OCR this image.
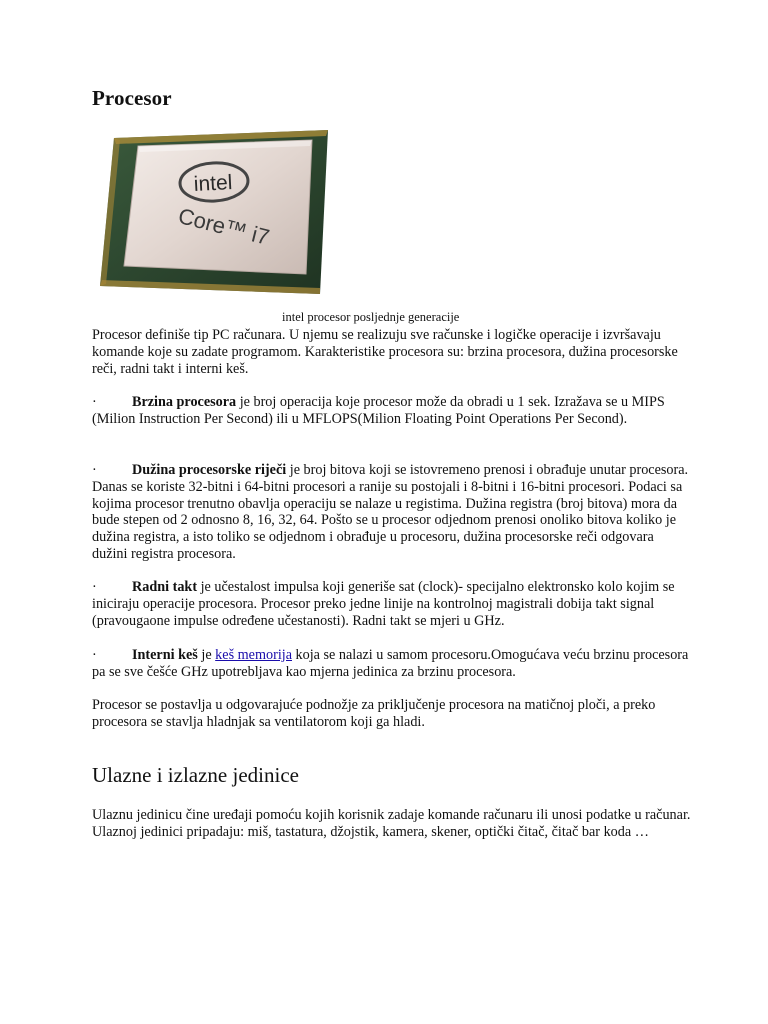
Procesor
intel
Core™ i7

intel procesor posljednje generacije

Procesor definiše tip PC računara. U njemu se realizuju sve računske i logičke operacije i izvršavaju komande koje su zadate programom. Karakteristike procesora su: brzina procesora, dužina procesorske reči, radni takt i interni keš.

· Brzina procesora je broj operacija koje procesor može da obradi u 1 sek. Izražava se u MIPS (Milion Instruction Per Second) ili u MFLOPS(Milion Floating Point Operations Per Second).

· Dužina procesorske riječi je broj bitova koji se istovremeno prenosi i obrađuje unutar procesora. Danas se koriste 32-bitni i 64-bitni procesori a ranije su postojali i 8-bitni i 16-bitni procesori. Podaci sa kojima procesor trenutno obavlja operaciju se nalaze u registima. Dužina registra (broj bitova) mora da bude stepen od 2 odnosno 8, 16, 32, 64. Pošto se u procesor odjednom prenosi onoliko bitova koliko je dužina registra, a isto toliko se odjednom i obrađuje u procesoru, dužina procesorske reči odgovara dužini registra procesora.

· Radni takt je učestalost impulsa koji generiše sat (clock)- specijalno elektronsko kolo kojim se iniciraju operacije procesora. Procesor preko jedne linije na kontrolnoj magistrali dobija takt signal (pravougaone impulse određene učestanosti). Radni takt se mjeri u GHz.

· Interni keš je keš memorija koja se nalazi u samom procesoru.Omogućava veću brzinu procesora pa se sve češće GHz upotrebljava kao mjerna jedinica za brzinu procesora.

Procesor se postavlja u odgovarajuće podnožje za priključenje procesora na matičnoj ploči, a preko procesora se stavlja hladnjak sa ventilatorom koji ga hladi.

Ulazne i izlazne jedinice

Ulaznu jedinicu čine uređaji pomoću kojih korisnik zadaje komande računaru ili unosi podatke u računar. Ulaznoj jedinici pripadaju: miš, tastatura, džojstik, kamera, skener, optički čitač, čitač bar koda …
